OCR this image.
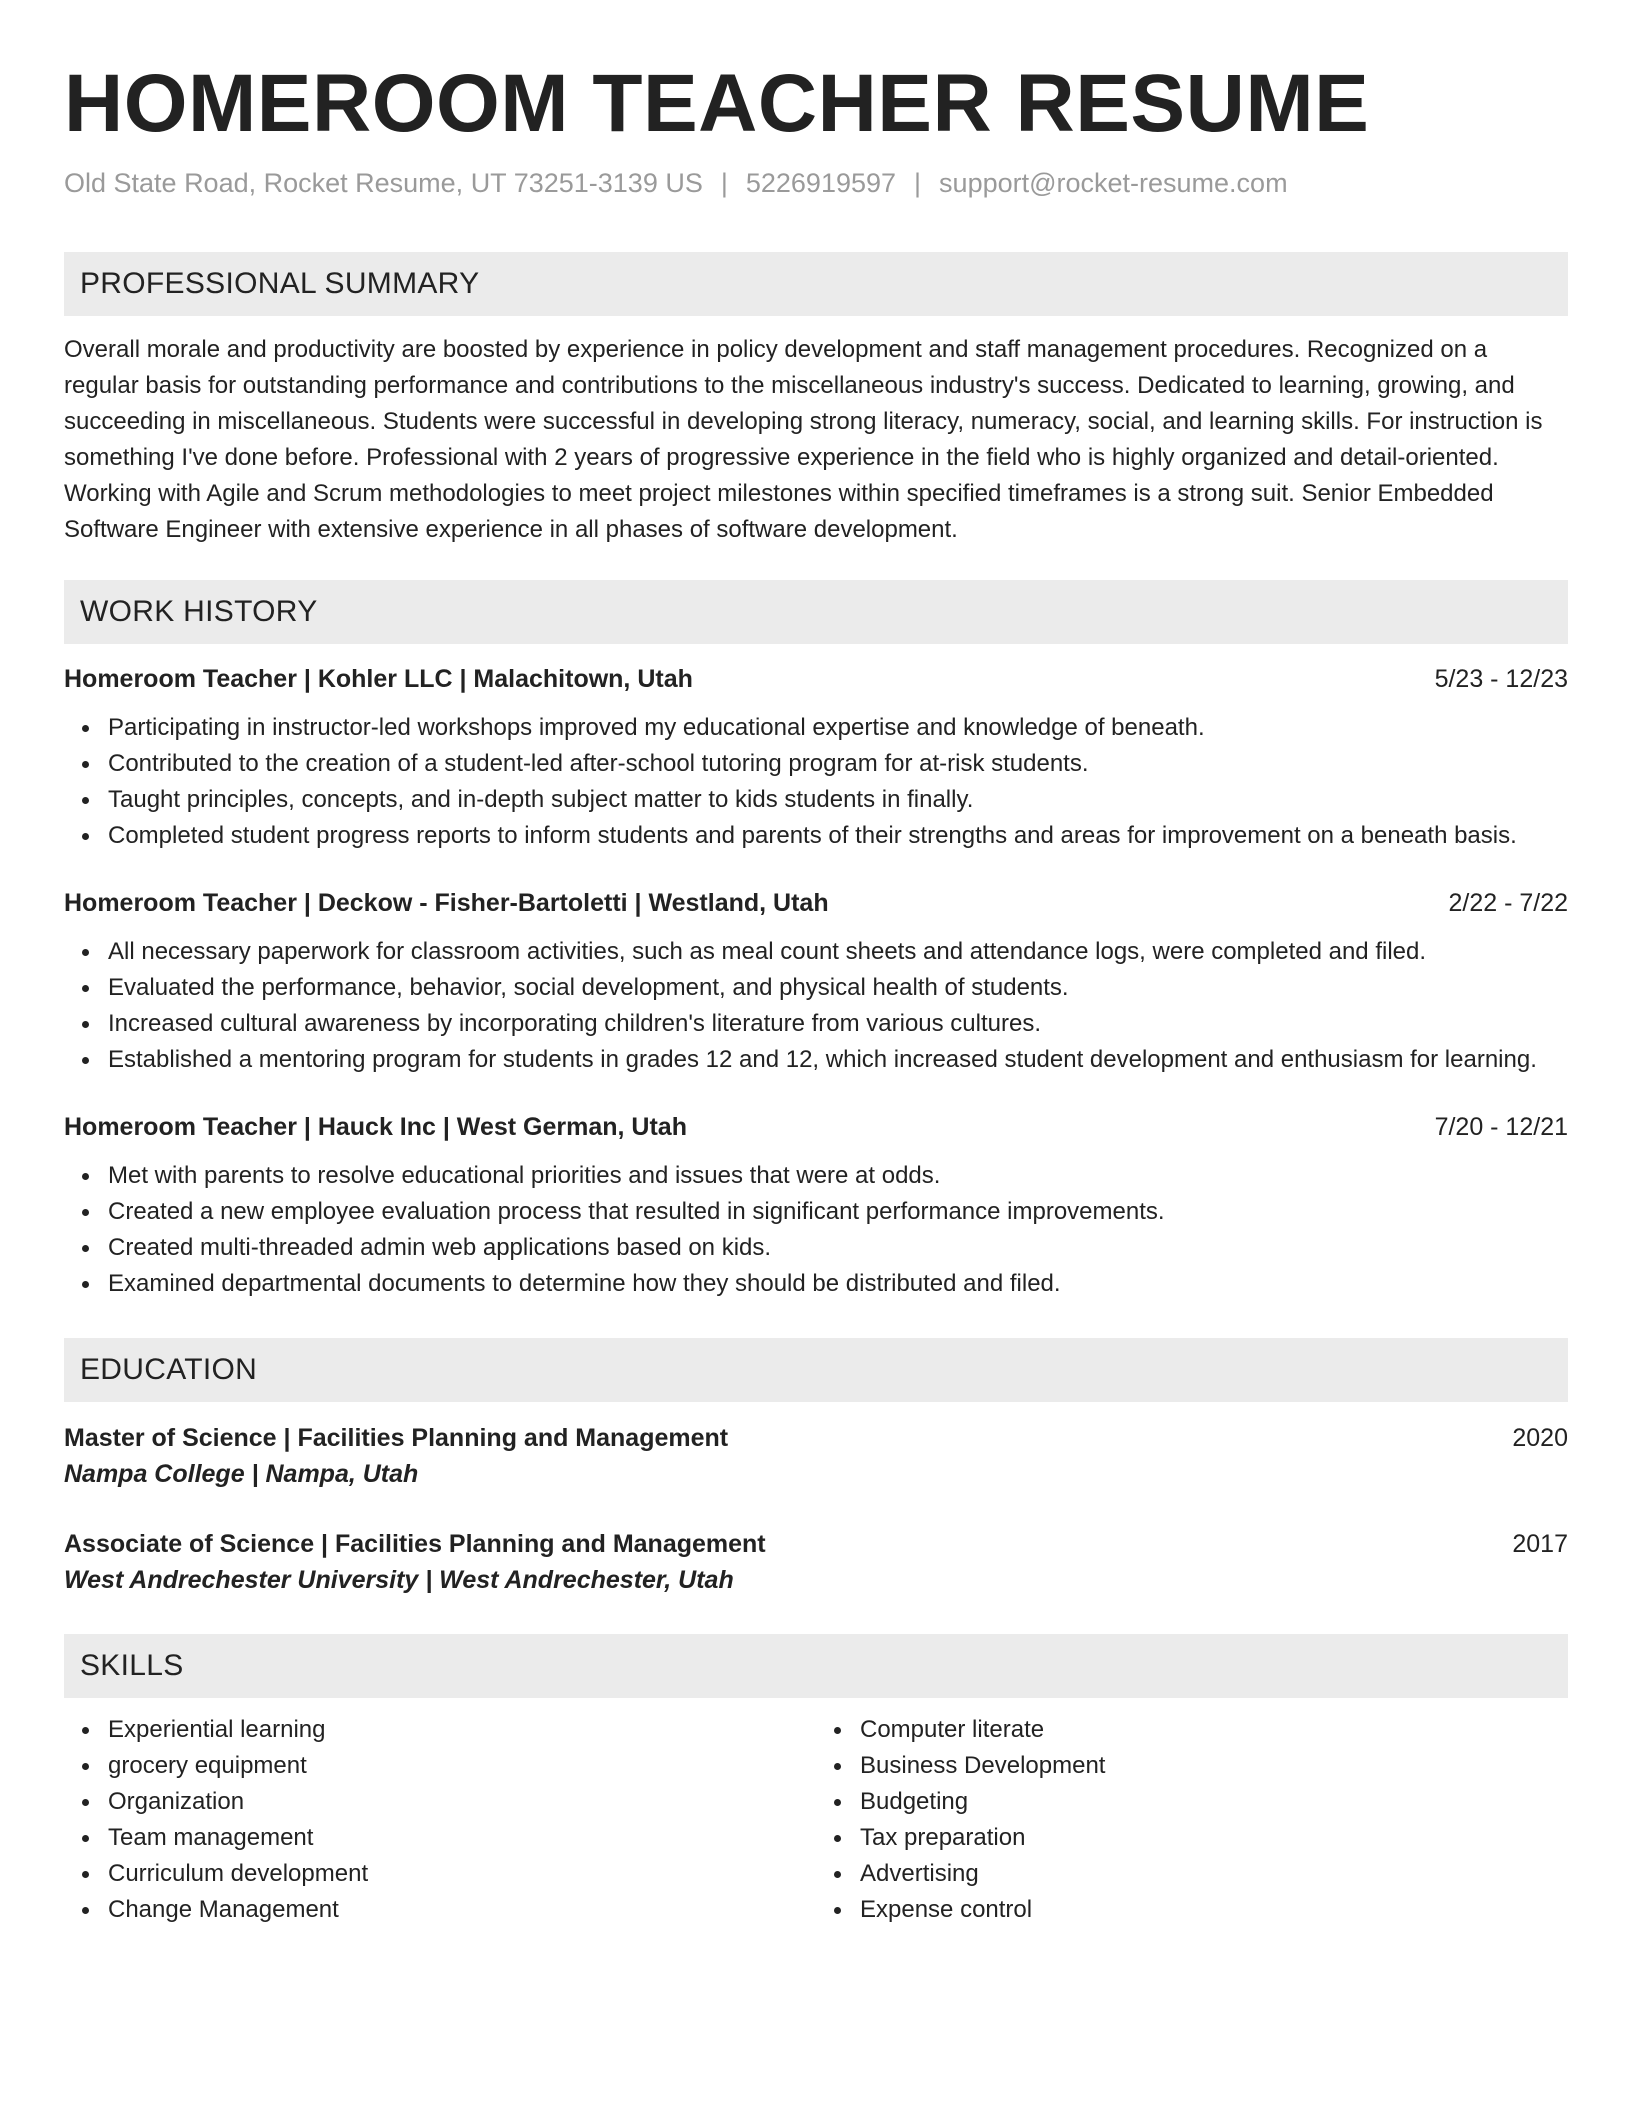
HOMEROOM TEACHER RESUME
Old State Road, Rocket Resume, UT 73251-3139 US | 5226919597 | support@rocket-resume.com
PROFESSIONAL SUMMARY
Overall morale and productivity are boosted by experience in policy development and staff management procedures. Recognized on a regular basis for outstanding performance and contributions to the miscellaneous industry's success. Dedicated to learning, growing, and succeeding in miscellaneous. Students were successful in developing strong literacy, numeracy, social, and learning skills. For instruction is something I've done before. Professional with 2 years of progressive experience in the field who is highly organized and detail-oriented. Working with Agile and Scrum methodologies to meet project milestones within specified timeframes is a strong suit. Senior Embedded Software Engineer with extensive experience in all phases of software development.
WORK HISTORY
Homeroom Teacher | Kohler LLC | Malachitown, Utah	5/23 - 12/23
Participating in instructor-led workshops improved my educational expertise and knowledge of beneath.
Contributed to the creation of a student-led after-school tutoring program for at-risk students.
Taught principles, concepts, and in-depth subject matter to kids students in finally.
Completed student progress reports to inform students and parents of their strengths and areas for improvement on a beneath basis.
Homeroom Teacher | Deckow - Fisher-Bartoletti | Westland, Utah	2/22 - 7/22
All necessary paperwork for classroom activities, such as meal count sheets and attendance logs, were completed and filed.
Evaluated the performance, behavior, social development, and physical health of students.
Increased cultural awareness by incorporating children's literature from various cultures.
Established a mentoring program for students in grades 12 and 12, which increased student development and enthusiasm for learning.
Homeroom Teacher | Hauck Inc | West German, Utah	7/20 - 12/21
Met with parents to resolve educational priorities and issues that were at odds.
Created a new employee evaluation process that resulted in significant performance improvements.
Created multi-threaded admin web applications based on kids.
Examined departmental documents to determine how they should be distributed and filed.
EDUCATION
Master of Science | Facilities Planning and Management	2020
Nampa College | Nampa, Utah
Associate of Science | Facilities Planning and Management	2017
West Andrechester University | West Andrechester, Utah
SKILLS
Experiential learning
grocery equipment
Organization
Team management
Curriculum development
Change Management
Computer literate
Business Development
Budgeting
Tax preparation
Advertising
Expense control
